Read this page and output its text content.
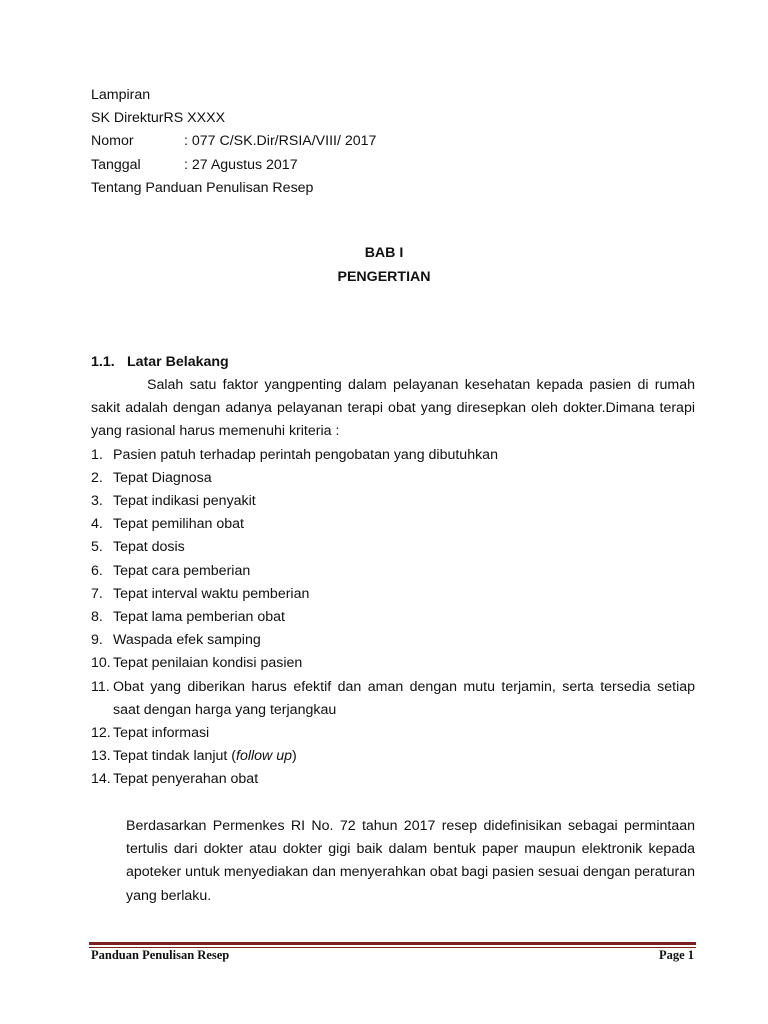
Lampiran
SK DirekturRS XXXX
Nomor	: 077 C/SK.Dir/RSIA/VIII/ 2017
Tanggal	: 27 Agustus 2017
Tentang Panduan Penulisan Resep
BAB I
PENGERTIAN
1.1. Latar Belakang

Salah satu faktor yangpenting dalam pelayanan kesehatan kepada pasien di rumah sakit adalah dengan adanya pelayanan terapi obat yang diresepkan oleh dokter.Dimana terapi yang rasional harus memenuhi kriteria :

1. Pasien patuh terhadap perintah pengobatan yang dibutuhkan
2. Tepat Diagnosa
3. Tepat indikasi penyakit
4. Tepat pemilihan obat
5. Tepat dosis
6. Tepat cara pemberian
7. Tepat interval waktu pemberian
8. Tepat lama pemberian obat
9. Waspada efek samping
10. Tepat penilaian kondisi pasien
11. Obat yang diberikan harus efektif dan aman dengan mutu terjamin, serta tersedia setiap saat dengan harga yang terjangkau
12. Tepat informasi
13. Tepat tindak lanjut (follow up)
14. Tepat penyerahan obat

Berdasarkan Permenkes RI No. 72 tahun 2017 resep didefinisikan sebagai permintaan tertulis dari dokter atau dokter gigi baik dalam bentuk paper maupun elektronik kepada apoteker untuk menyediakan dan menyerahkan obat bagi pasien sesuai dengan peraturan yang berlaku.

Panduan Penulisan Resep	Page 1
